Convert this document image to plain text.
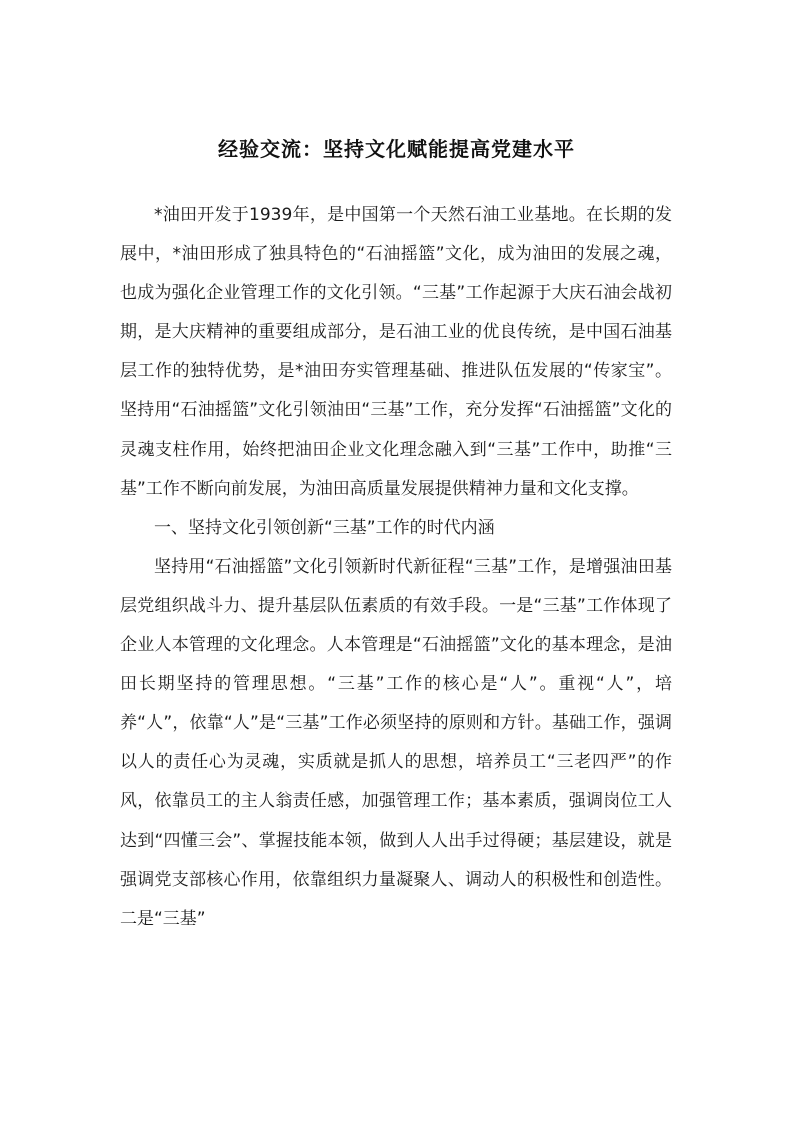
经验交流：坚持文化赋能提高党建水平

*油田开发于1939年，是中国第一个天然石油工业基地。在长期的发展中，*油田形成了独具特色的“石油摇篮”文化，成为油田的发展之魂，也成为强化企业管理工作的文化引领。“三基”工作起源于大庆石油会战初期，是大庆精神的重要组成部分，是石油工业的优良传统，是中国石油基层工作的独特优势，是*油田夯实管理基础、推进队伍发展的“传家宝”。坚持用“石油摇篮”文化引领油田“三基”工作，充分发挥“石油摇篮”文化的灵魂支柱作用，始终把油田企业文化理念融入到“三基”工作中，助推“三基”工作不断向前发展，为油田高质量发展提供精神力量和文化支撑。

一、坚持文化引领创新“三基”工作的时代内涵

坚持用“石油摇篮”文化引领新时代新征程“三基”工作，是增强油田基层党组织战斗力、提升基层队伍素质的有效手段。一是“三基”工作体现了企业人本管理的文化理念。人本管理是“石油摇篮”文化的基本理念，是油田长期坚持的管理思想。“三基”工作的核心是“人”。重视“人”，培养“人”，依靠“人”是“三基”工作必须坚持的原则和方针。基础工作，强调以人的责任心为灵魂，实质就是抓人的思想，培养员工“三老四严”的作风，依靠员工的主人翁责任感，加强管理工作；基本素质，强调岗位工人达到“四懂三会”、掌握技能本领，做到人人出手过得硬；基层建设，就是强调党支部核心作用，依靠组织力量凝聚人、调动人的积极性和创造性。二是“三基”
